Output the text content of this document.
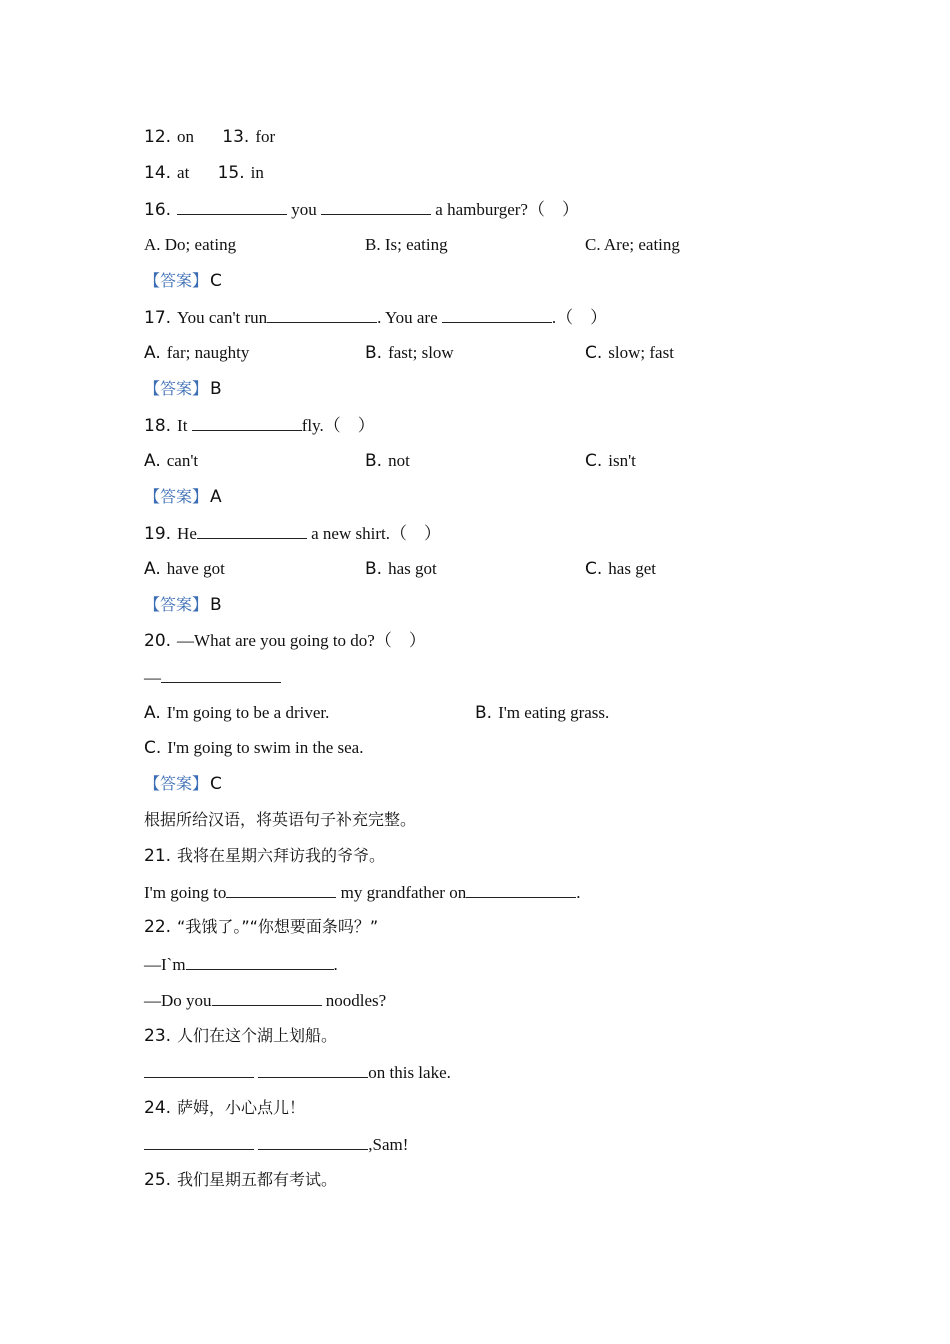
12. on 13. for
14. at 15. in
16.	you	a hamburger?（　）
A. Do; eating	B. Is; eating	C. Are; eating
【答案】 C
17. You can't run	. You are	.（　）
A. far; naughty	B. fast; slow	C. slow; fast
【答案】 B
18. It	fly.（　）
A. can't	B. not	C. isn't
【答案】 A
19. He	a new shirt.（　）
A. have got	B. has got	C. has get
【答案】 B
20. —What are you going to do?（　）
—
A. I'm going to be a driver.	B. I'm eating grass.
C. I'm going to swim in the sea.
【答案】 C
根据所给汉语，将英语句子补充完整。
21. 我将在星期六拜访我的爷爷。
I'm going to	my grandfather on	.
22. “我饿了。”“你想要面条吗？”
—I`m	.
—Do you	noodles?
23. 人们在这个湖上划船。
on this lake.
24. 萨姆，小心点儿！
,Sam!
25. 我们星期五都有考试。
